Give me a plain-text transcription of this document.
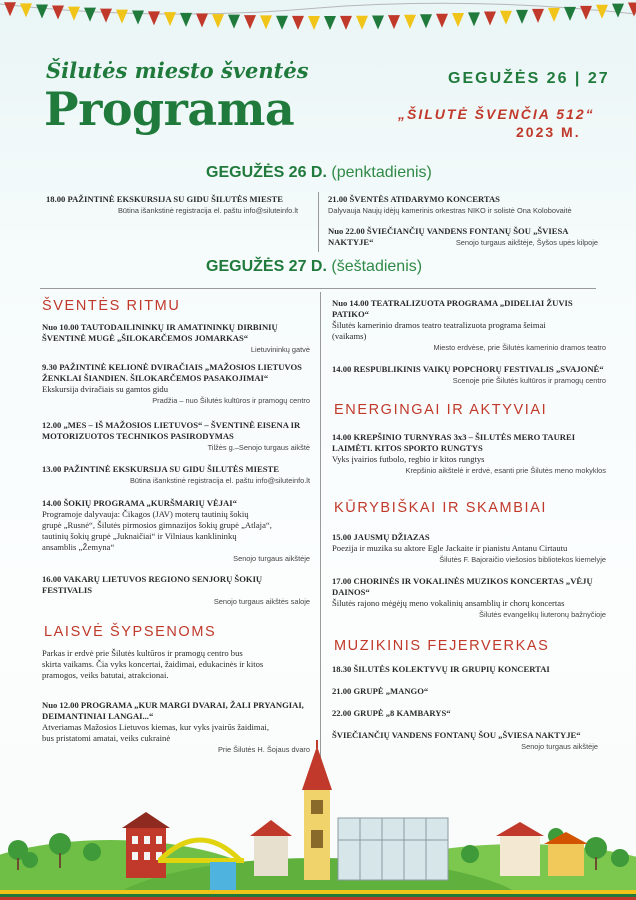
Šilutės miesto šventės
Programa
GEGUŽĖS 26 | 27
„ŠILUTĖ ŠVENČIA 512“
2023 M.
GEGUŽĖS 26 D. (penktadienis)
18.00 PAŽINTINĖ EKSKURSIJA SU GIDU ŠILUTĖS MIESTE
Būtina išankstinė registracija el. paštu info@siluteinfo.lt
21.00 ŠVENTĖS ATIDARYMO KONCERTAS
Dalyvauja Naujų idėjų kamerinis orkestras NIKO ir solistė Ona Kolobovaitė
Nuo 22.00 ŠVIEČIANČIŲ VANDENS FONTANŲ ŠOU „ŠVIESA
NAKTYJE“	Senojo turgaus aikštėje, Šyšos upės kilpoje
GEGUŽĖS 27 D. (šeštadienis)
ŠVENTĖS RITMU
Nuo 10.00 TAUTODAILININKŲ IR AMATININKŲ DIRBINIŲ
ŠVENTINĖ MUGĖ „ŠILOKARČEMOS JOMARKAS“
Lietuvininkų gatvė
9.30 PAŽINTINĖ KELIONĖ DVIRAČIAIS „MAŽOSIOS LIETUVOS
ŽENKLAI ŠIANDIEN. ŠILOKARČEMOS PASAKOJIMAI“
Ekskursija dviračiais su gamtos gidu
Pradžia – nuo Šilutės kultūros ir pramogų centro
12.00 „MES – IŠ MAŽOSIOS LIETUVOS“ – ŠVENTINĖ EISENA IR
MOTORIZUOTOS TECHNIKOS PASIRODYMAS
Tilžės g.–Senojo turgaus aikštė
13.00 PAŽINTINĖ EKSKURSIJA SU GIDU ŠILUTĖS MIESTE
Būtina išankstinė registracija el. paštu info@siluteinfo.lt
14.00 ŠOKIŲ PROGRAMA „KURŠMARIŲ VĖJAI“
Programoje dalyvauja: Čikagos (JAV) moterų tautinių šokių
grupė „Rusnė“, Šilutės pirmosios gimnazijos šokių grupė „Atlaja“,
tautinių šokių grupė „Juknaičiai“ ir Vilniaus kanklininkų
ansamblis „Žemyna“
Senojo turgaus aikštėje
16.00 VAKARŲ LIETUVOS REGIONO SENJORŲ ŠOKIŲ
FESTIVALIS
Senojo turgaus aikštės saloje
LAISVĖ ŠYPSENOMS
Parkas ir erdvė prie Šilutės kultūros ir pramogų centro bus
skirta vaikams. Čia vyks koncertai, žaidimai, edukacinės ir kitos
pramogos, veiks batutai, atrakcionai.
Nuo 12.00 PROGRAMA „KUR MARGI DVARAI, ŽALI PRYANGIAI,
DEIMANTINIAI LANGAI...“
Atveriamas Mažosios Lietuvos kiemas, kur vyks įvairūs žaidimai,
bus pristatomi amatai, veiks cukrainė
Prie Šilutės H. Šojaus dvaro
Nuo 14.00 TEATRALIZUOTA PROGRAMA „DIDELIAI ŽUVIS
PATIKO“
Šilutės kamerinio dramos teatro teatralizuota programa šeimai
(vaikams)
Miesto erdvėse, prie Šilutės kamerinio dramos teatro
14.00 RESPUBLIKINIS VAIKŲ POPCHORŲ FESTIVALIS „SVAJONĖ“
Scenoje prie Šilutės kultūros ir pramogų centro
ENERGINGAI IR AKTYVIAI
14.00 KREPŠINIO TURNYRAS 3x3 – ŠILUTĖS MERO TAUREI
LAIMĖTI. KITOS SPORTO RUNGTYS
Vyks įvairios futbolo, regbio ir kitos rungtys
Krepšinio aikštelė ir erdvė, esanti prie Šilutės meno mokyklos
KŪRYBIŠKAI IR SKAMBIAI
15.00 JAUSMŲ DŽIAZAS
Poezija ir muzika su aktore Egle Jackaite ir pianistu Antanu Cirtautu
Šilutės F. Bajoraičio viešosios bibliotekos kiemelyje
17.00 CHORINĖS IR VOKALINĖS MUZIKOS KONCERTAS „VĖJŲ
DAINOS“
Šilutės rajono mėgėjų meno vokalinių ansamblių ir chorų koncertas
Šilutės evangelikų liuteronų bažnyčioje
MUZIKINIS FEJERVERKAS
18.30 ŠILUTĖS KOLEKTYVŲ IR GRUPIŲ KONCERTAI
21.00 GRUPĖ „MANGO“
22.00 GRUPĖ „8 KAMBARYS“
ŠVIEČIANČIŲ VANDENS FONTANŲ ŠOU „ŠVIESA NAKTYJE“
Senojo turgaus aikštėje
